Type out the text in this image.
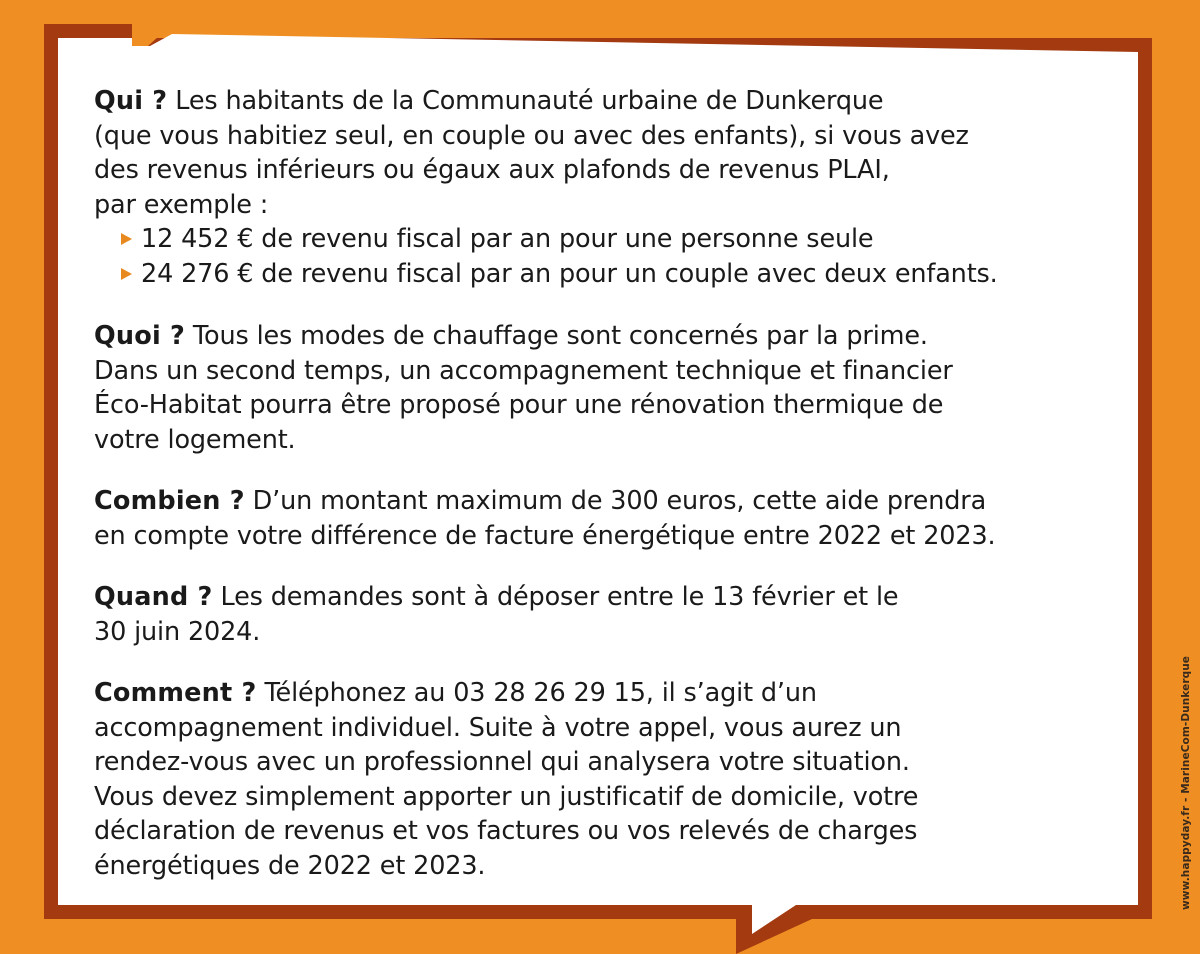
Qui ? Les habitants de la Communauté urbaine de Dunkerque
(que vous habitiez seul, en couple ou avec des enfants), si vous avez
des revenus inférieurs ou égaux aux plafonds de revenus PLAI,
par exemple :
12 452 € de revenu fiscal par an pour une personne seule
24 276 € de revenu fiscal par an pour un couple avec deux enfants.
Quoi ? Tous les modes de chauffage sont concernés par la prime.
Dans un second temps, un accompagnement technique et financier
Éco-Habitat pourra être proposé pour une rénovation thermique de
votre logement.
Combien ? D’un montant maximum de 300 euros, cette aide prendra
en compte votre différence de facture énergétique entre 2022 et 2023.
Quand ? Les demandes sont à déposer entre le 13 février et le
30 juin 2024.
Comment ? Téléphonez au 03 28 26 29 15, il s’agit d’un
accompagnement individuel. Suite à votre appel, vous aurez un
rendez-vous avec un professionnel qui analysera votre situation.
Vous devez simplement apporter un justificatif de domicile, votre
déclaration de revenus et vos factures ou vos relevés de charges
énergétiques de 2022 et 2023.	www.happyday.fr - MarineCom-Dunkerque
